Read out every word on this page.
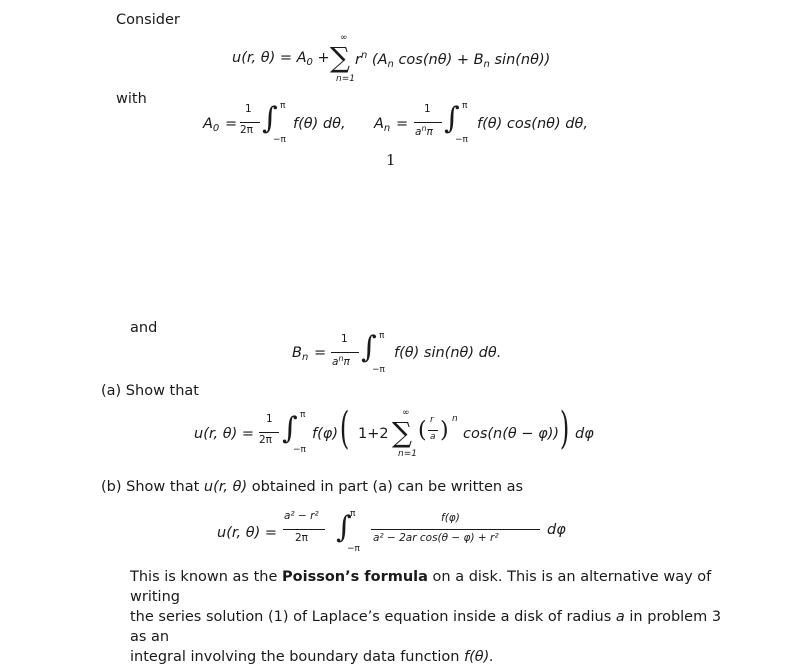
Consider
u(r, $\theta) = A_0$ +
∞
∑
n=1
$r^n$ ($A_n$ $\cos(n\theta) + B_n$ sin(nθ))
with
$A_0$ =
1
2π ∫ π
−π
f(θ) dθ, $A_n$ =
1
$a^n\pi$ ∫ π
−π
f(θ) cos(nθ) dθ,
1
and
$B_n$ =
1
$a^n\pi$ ∫ π
−π
f(θ) sin(nθ) dθ.
(a) Show that
u(r, θ) =
1
2π ∫ π
−π
f(φ) ( 1+2
∞
∑
n=1
( r
a ) n
cos(n(θ − φ)) ) dφ
(b) Show that u(r, θ) obtained in part (a) can be written as
u(r, θ) =
a² − r²
2π ∫
π
−π
f(φ)
a² − 2ar cos(θ − φ) + r²	dφ
This is known as the Poisson’s formula on a disk. This is an alternative way of writing
the series solution (1) of Laplace’s equation inside a disk of radius a in problem 3 as an
integral involving the boundary data function f(θ).
